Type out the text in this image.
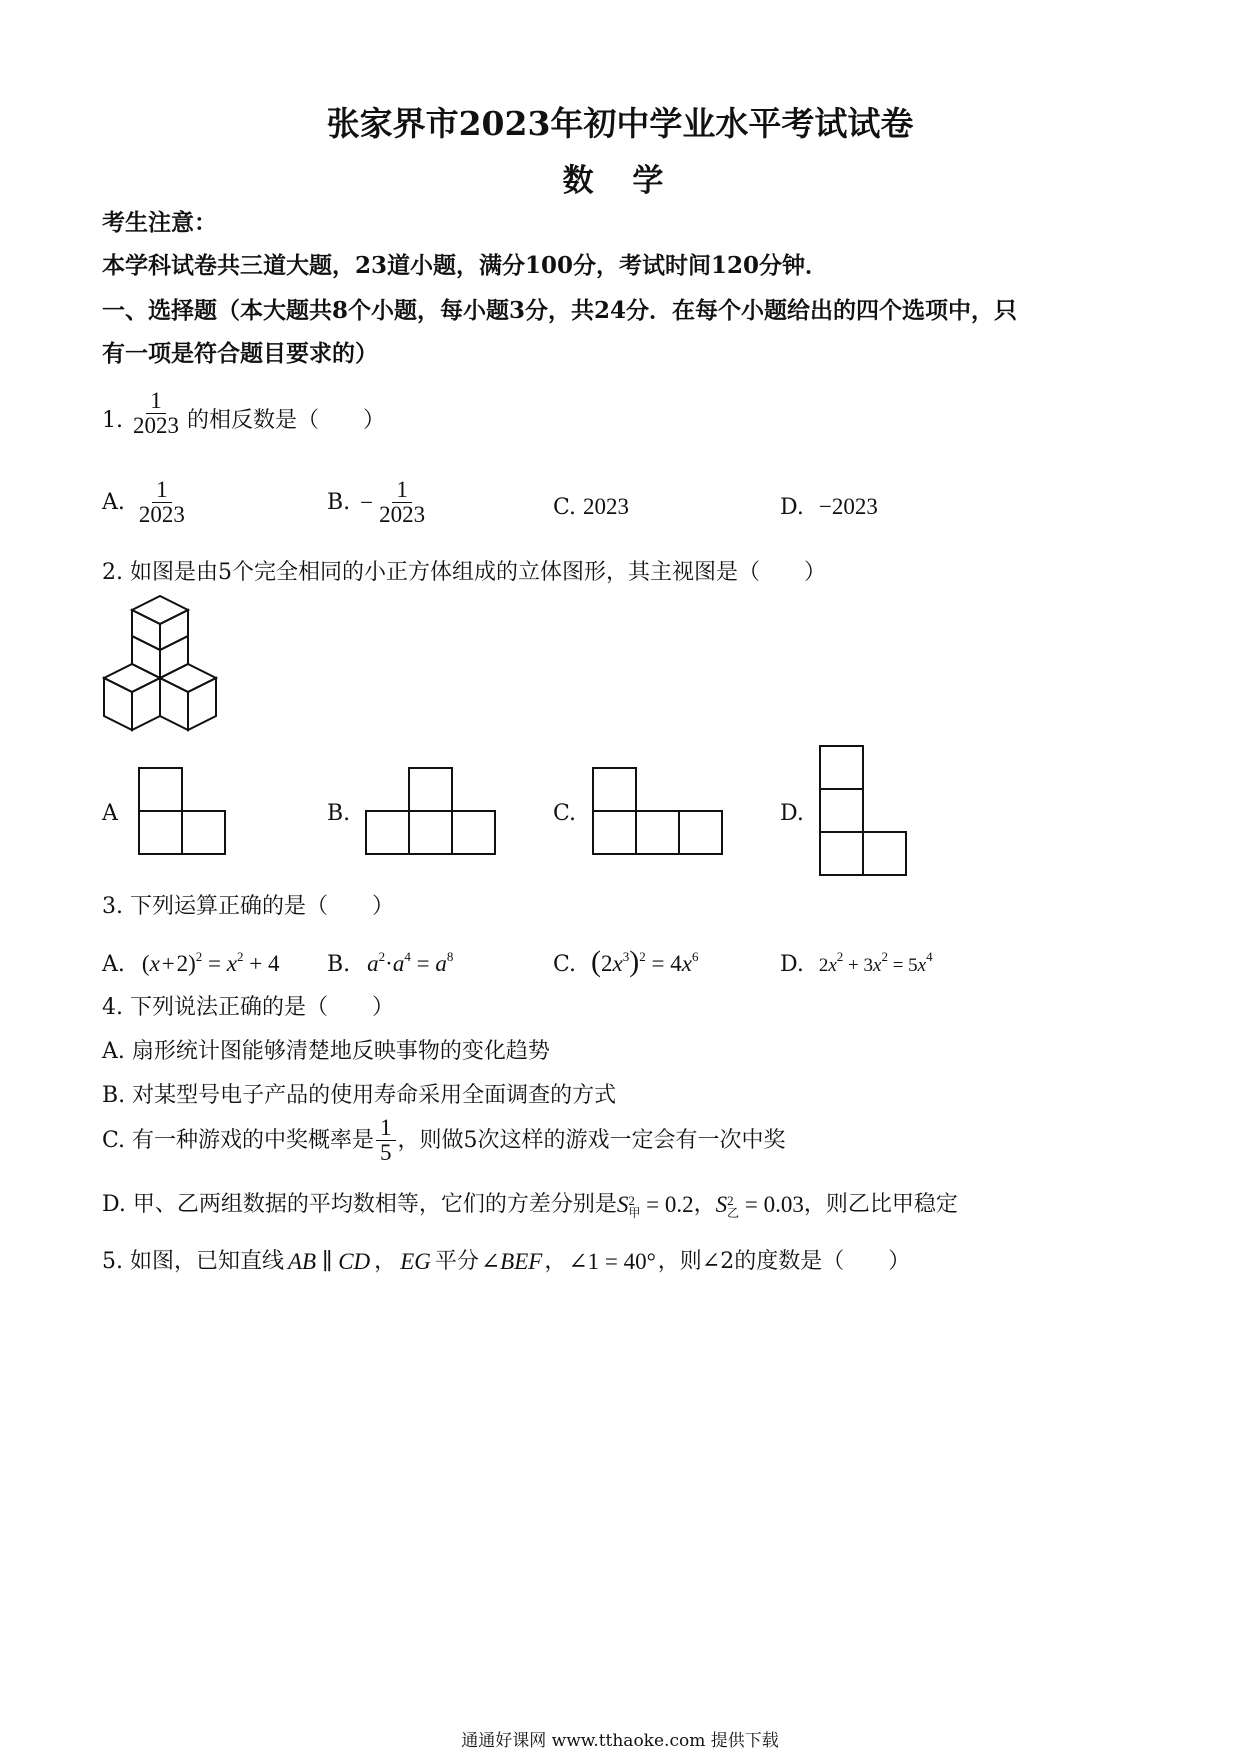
张家界市2023年初中学业水平考试试卷
数 学
考生注意：
本学科试卷共三道大题，23道小题，满分100分，考试时间120分钟．
一、选择题（本大题共8个小题，每小题3分，共24分．在每个小题给出的四个选项中，只
有一项是符合题目要求的）
1. $\frac{1}{2023}$ 的相反数是（　　）
A. $\frac{1}{2023}$	B. − $\frac{1}{2023}$	C. 2023	D. −2023
2. 如图是由5个完全相同的小正方体组成的立体图形，其主视图是（　　）
A	B.	C.	D.
3. 下列运算正确的是（　　）
A. (x + $2)^2 = x^2 + 4$ B. $a^2\cdot a^4 = a^8$	C. $(2x^3)^2 = 4x^6$	D. $2x^2 + 3x^2 = 5x^4$
4. 下列说法正确的是（　　）
A. 扇形统计图能够清楚地反映事物的变化趋势
B. 对某型号电子产品的使用寿命采用全面调查的方式
C. 有一种游戏的中奖概率是 $\frac{1}{5}$ ，则做5次这样的游戏一定会有一次中奖
D. 甲、乙两组数据的平均数相等，它们的方差分别是 S 2
甲 = 0.2 ， S 2
乙 = 0.03 ，则乙比甲稳定
5. 如图，已知直线 AB ∥ CD ， EG 平分 ∠BEF ， ∠1 = 40° ，则∠2的度数是（　　）
通通好课网 www.tthaoke.com 提供下载
